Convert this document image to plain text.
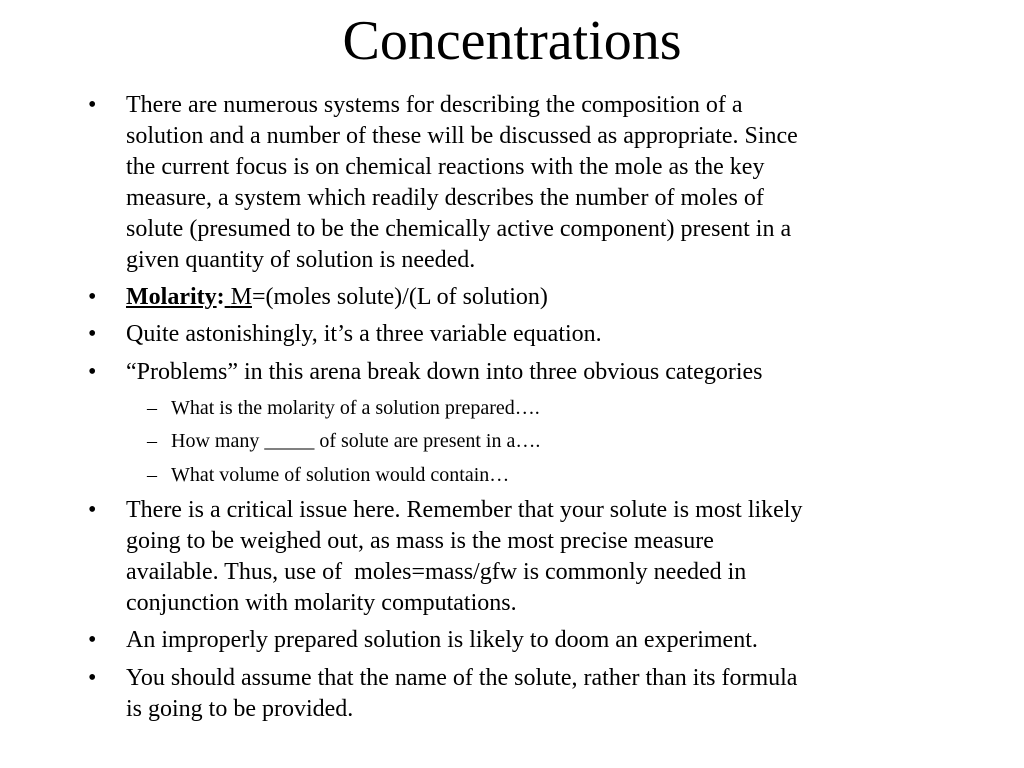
Concentrations
• There are numerous systems for describing the composition of a
solution and a number of these will be discussed as appropriate. Since
the current focus is on chemical reactions with the mole as the key
measure, a system which readily describes the number of moles of
solute (presumed to be the chemically active component) present in a
given quantity of solution is needed.
• Molarity: M=(moles solute)/(L of solution)
• Quite astonishingly, it’s a three variable equation.
• “Problems” in this arena break down into three obvious categories
– What is the molarity of a solution prepared….
– How many _____ of solute are present in a….
– What volume of solution would contain…
• There is a critical issue here. Remember that your solute is most likely
going to be weighed out, as mass is the most precise measure
available. Thus, use of  moles=mass/gfw is commonly needed in
conjunction with molarity computations.
• An improperly prepared solution is likely to doom an experiment.
• You should assume that the name of the solute, rather than its formula
is going to be provided.
